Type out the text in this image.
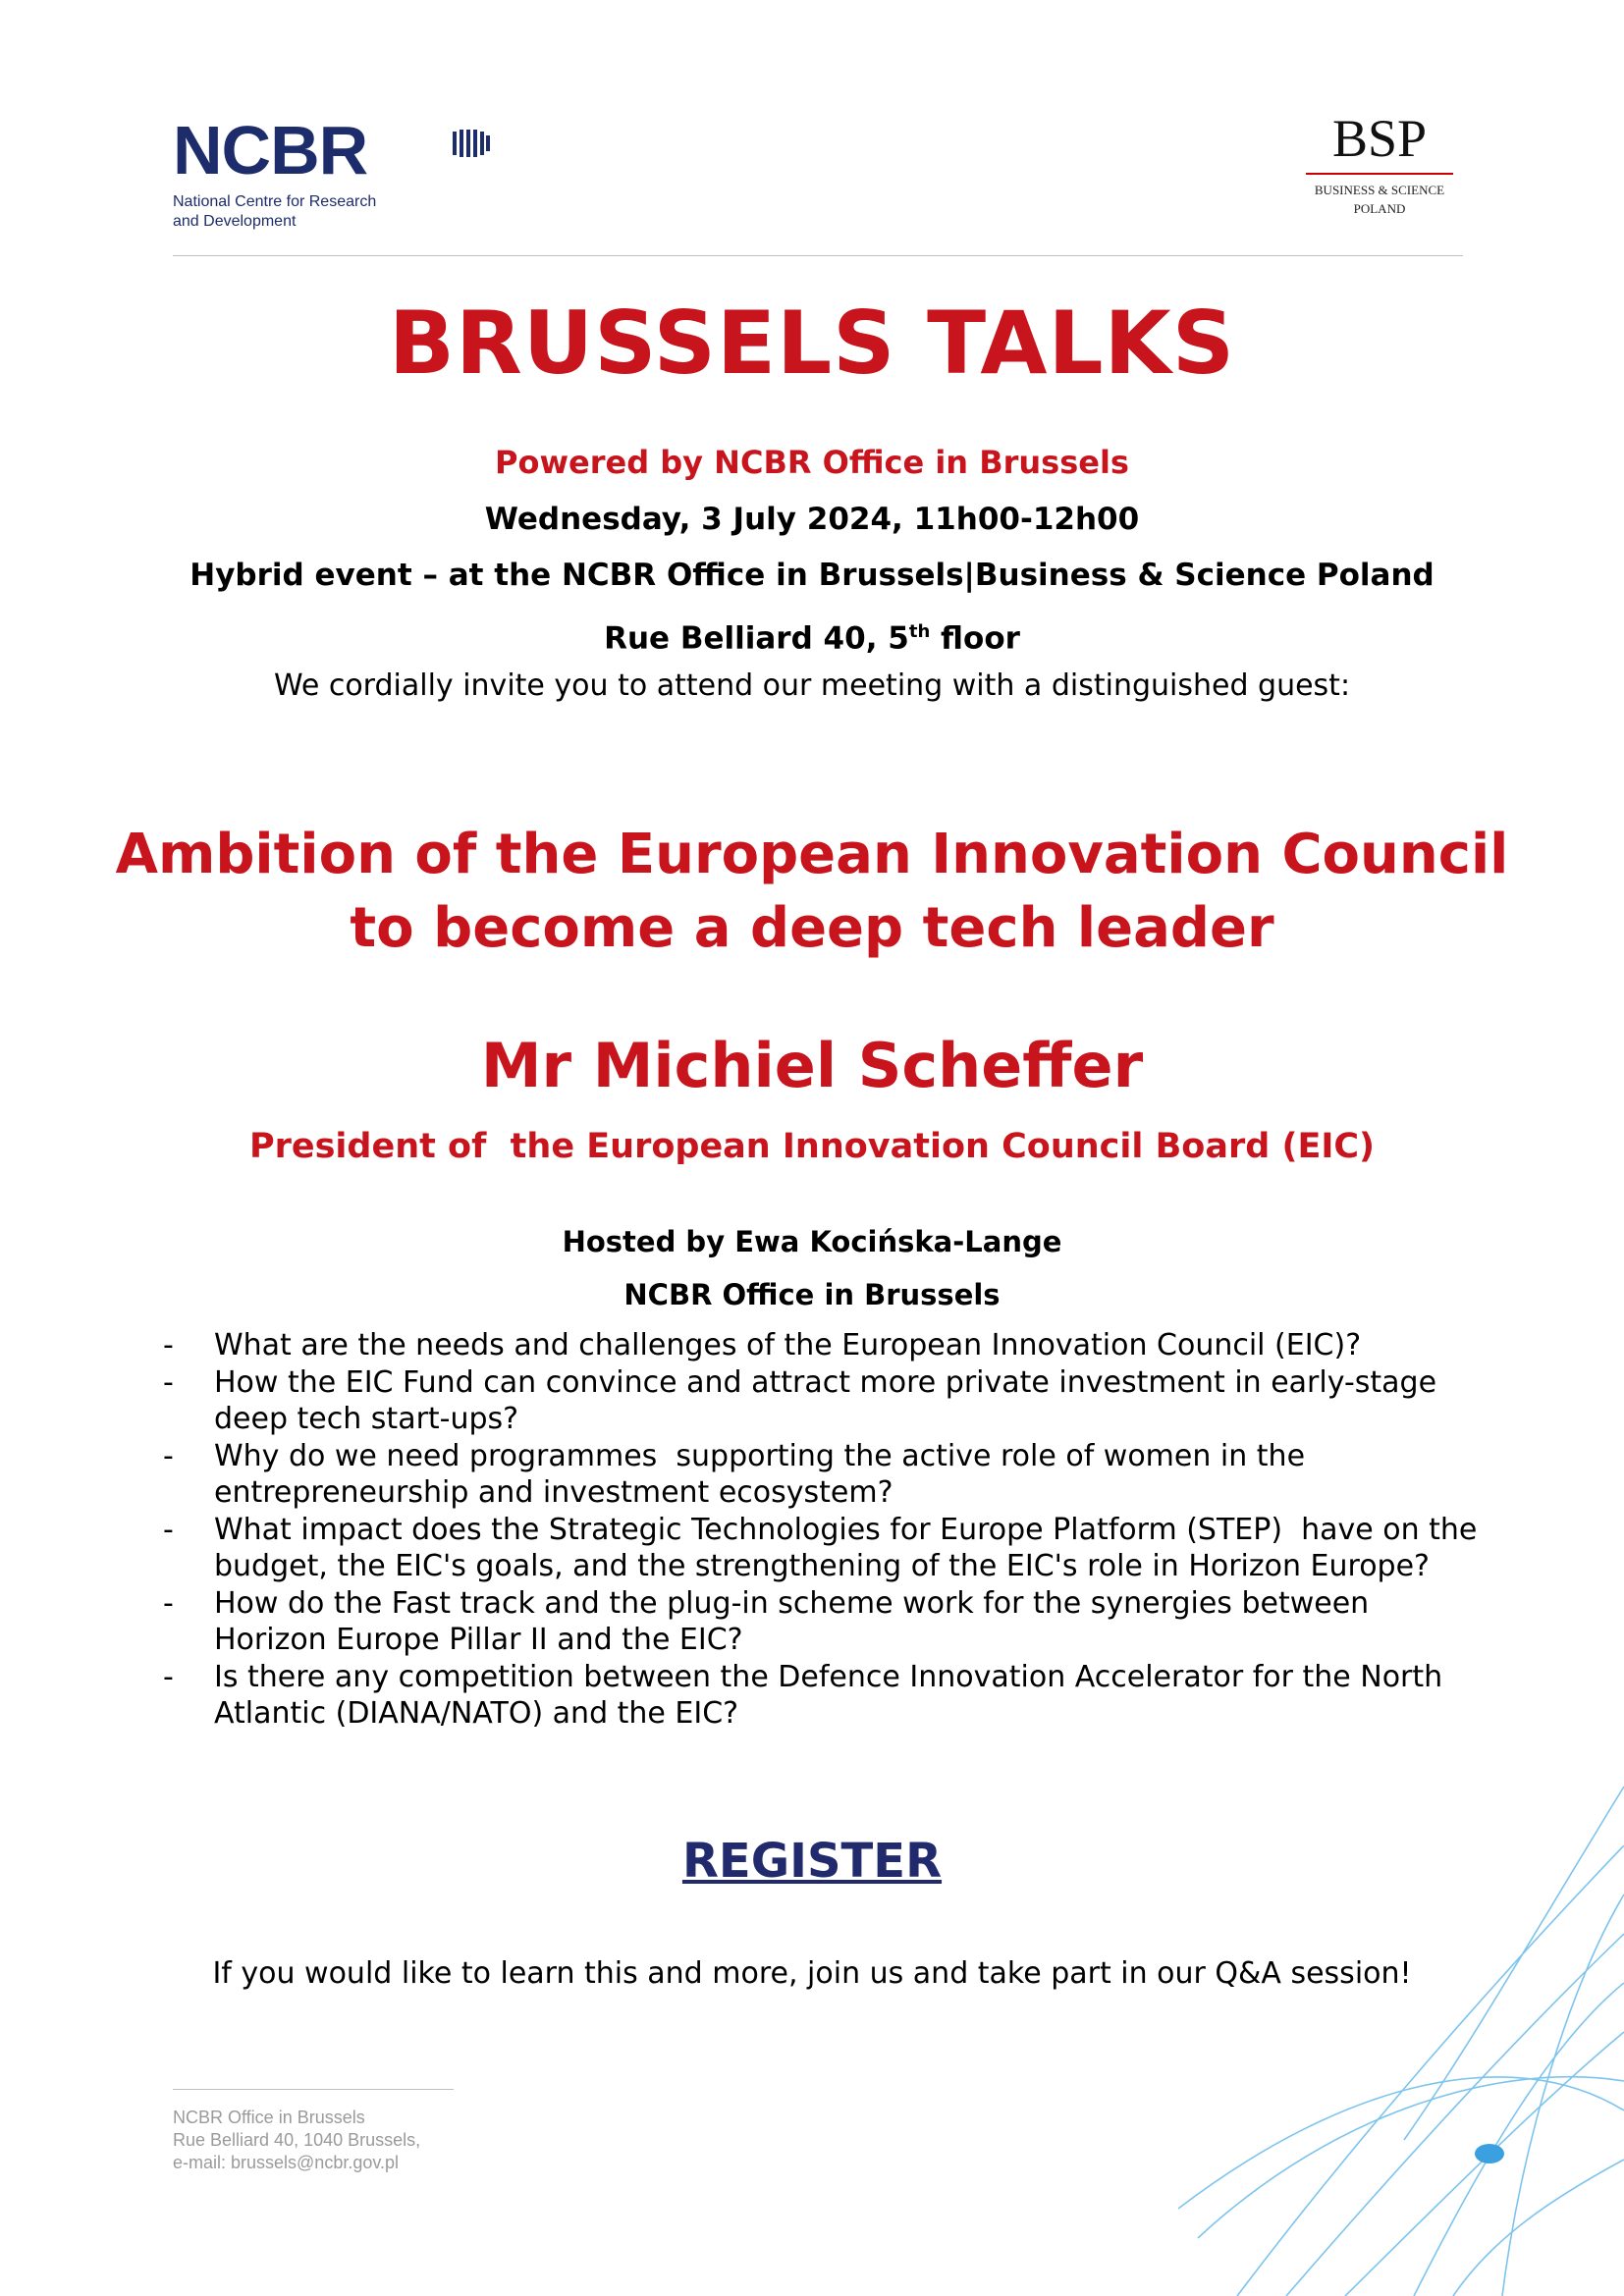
NCBR
National Centre for Research
and Development
BSP
BUSINESS & SCIENCE
POLAND
BRUSSELS TALKS
Powered by NCBR Office in Brussels
Wednesday, 3 July 2024, 11h00-12h00
Hybrid event – at the NCBR Office in Brussels|Business & Science Poland
Rue Belliard 40, 5th floor
We cordially invite you to attend our meeting with a distinguished guest:
Ambition of the European Innovation Council
to become a deep tech leader
Mr Michiel Scheffer
President of  the European Innovation Council Board (EIC)
Hosted by Ewa Kocińska-Lange
NCBR Office in Brussels
- What are the needs and challenges of the European Innovation Council (EIC)?
- How the EIC Fund can convince and attract more private investment in early-stage deep tech start-ups?
- Why do we need programmes  supporting the active role of women in the entrepreneurship and investment ecosystem?
- What impact does the Strategic Technologies for Europe Platform (STEP)  have on the budget, the EIC's goals, and the strengthening of the EIC's role in Horizon Europe?
- How do the Fast track and the plug-in scheme work for the synergies between Horizon Europe Pillar II and the EIC?
- Is there any competition between the Defence Innovation Accelerator for the North Atlantic (DIANA/NATO) and the EIC?
REGISTER
If you would like to learn this and more, join us and take part in our Q&A session!
NCBR Office in Brussels
Rue Belliard 40, 1040 Brussels,
e-mail: brussels@ncbr.gov.pl
